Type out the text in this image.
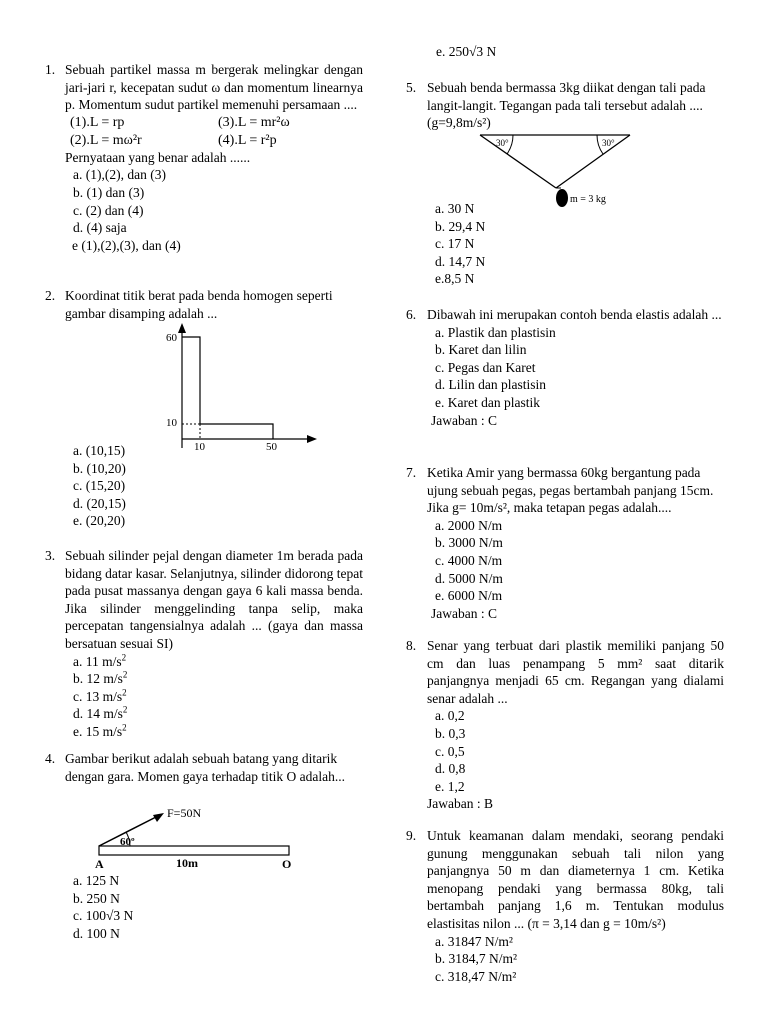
1. Sebuah partikel massa m bergerak melingkar dengan jari-jari r, kecepatan sudut ω dan momentum linearnya p. Momentum sudut partikel memenuhi persamaan ....
(1).L = rp	(3).L = mr²ω
(2).L = mω²r	(4).L = r²p
Pernyataan yang benar adalah ......
a. (1),(2), dan (3)
b. (1) dan (3)
c. (2) dan (4)
d. (4) saja
e (1),(2),(3), dan (4)
2. Koordinat titik berat pada benda homogen seperti gambar disamping adalah ...
60
10
10	50
a. (10,15)
b. (10,20)
c. (15,20)
d. (20,15)
e. (20,20)
3. Sebuah silinder pejal dengan diameter 1m berada pada bidang datar kasar. Selanjutnya, silinder didorong tepat pada pusat massanya dengan gaya 6 kali massa benda. Jika silinder menggelinding tanpa selip, maka percepatan tangensialnya adalah ... (gaya dan massa bersatuan sesuai SI)
a. 11 $m/s^2$
b. 12 $m/s^2$
c. 13 $m/s^2$
d. 14 $m/s^2$
e. 15 $m/s^2$
4. Gambar berikut adalah sebuah batang yang ditarik dengan gara. Momen gaya terhadap titik O adalah...
F=50N
60º
A	10m	O
a. 125 N
b. 250 N
c. 100√3 N
d. 100 N
e. 250√3 N
5. Sebuah benda bermassa 3kg diikat dengan tali pada langit-langit. Tegangan pada tali tersebut adalah .... (g=9,8m/s²)
30°	30°
m = 3 kg
a. 30 N
b. 29,4 N
c. 17 N
d. 14,7 N
e.8,5 N
6. Dibawah ini merupakan contoh benda elastis adalah ...
a. Plastik dan plastisin
b. Karet dan lilin
c. Pegas dan Karet
d. Lilin dan plastisin
e. Karet dan plastik
Jawaban : C
7. Ketika Amir yang bermassa 60kg bergantung pada ujung sebuah pegas, pegas bertambah panjang 15cm. Jika g= 10m/s², maka tetapan pegas adalah....
a. 2000 N/m
b. 3000 N/m
c. 4000 N/m
d. 5000 N/m
e. 6000 N/m
Jawaban : C
8. Senar yang terbuat dari plastik memiliki panjang 50 cm dan luas penampang 5 mm² saat ditarik panjangnya menjadi 65 cm. Regangan yang dialami senar adalah ...
a. 0,2
b. 0,3
c. 0,5
d. 0,8
e. 1,2
Jawaban : B
9. Untuk keamanan dalam mendaki, seorang pendaki gunung menggunakan sebuah tali nilon yang panjangnya 50 m dan diameternya 1 cm. Ketika menopang pendaki yang bermassa 80kg, tali bertambah panjang 1,6 m. Tentukan modulus elastisitas nilon ... (π = 3,14 dan g = 10m/s²)
a. 31847 N/m²
b. 3184,7 N/m²
c. 318,47 N/m²
